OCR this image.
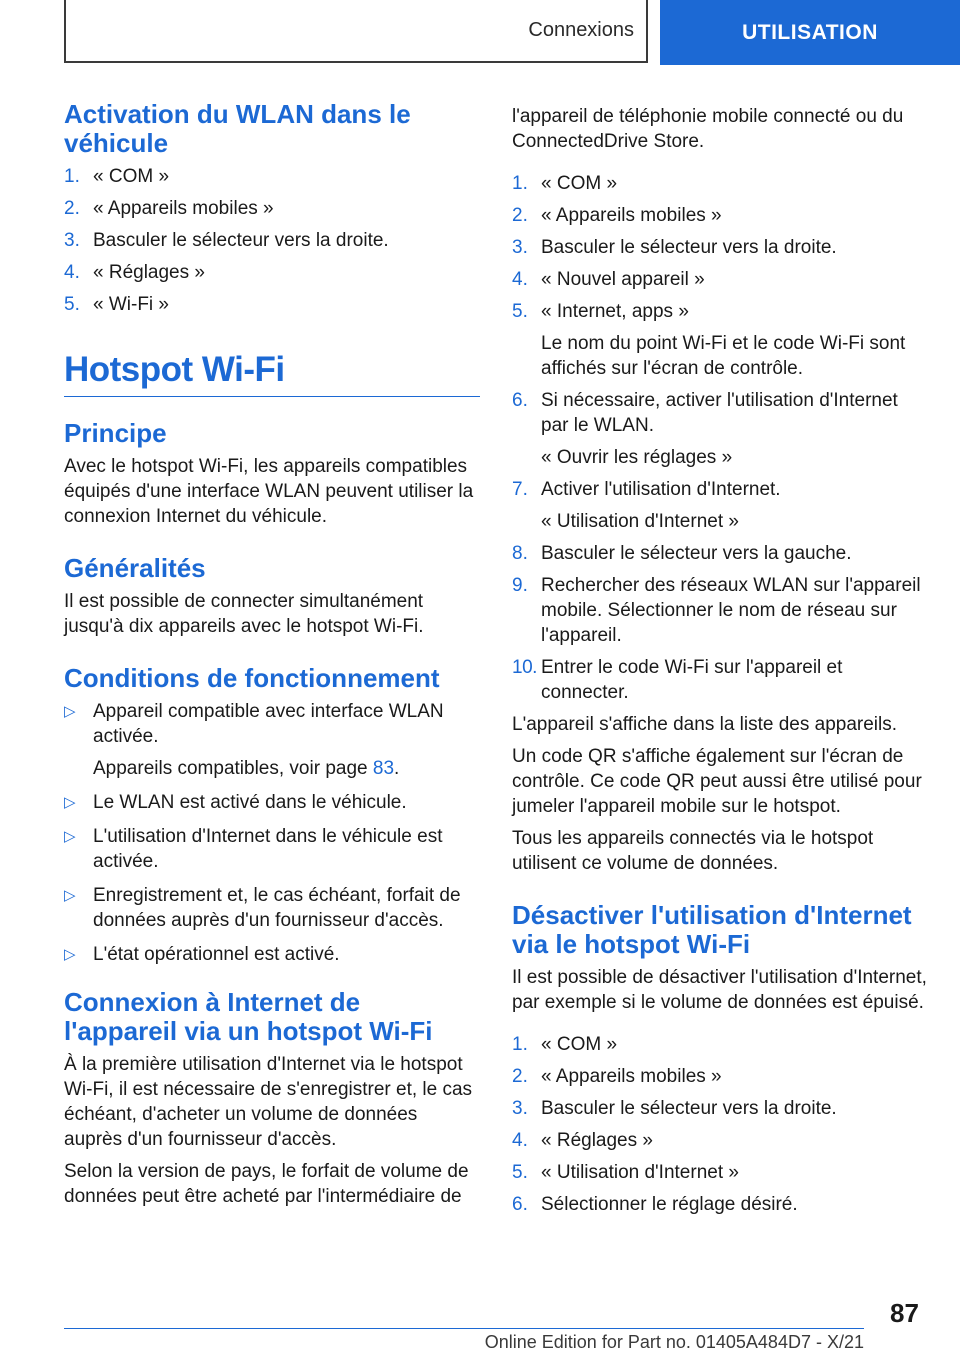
Connexions	UTILISATION
Activation du WLAN dans le véhicule
1. « COM »
2. « Appareils mobiles »
3. Basculer le sélecteur vers la droite.
4. « Réglages »
5. « Wi-Fi »
Hotspot Wi-Fi
Principe

Avec le hotspot Wi-Fi, les appareils compatibles équipés d'une interface WLAN peuvent utiliser la connexion Internet du véhicule.

Généralités

Il est possible de connecter simultanément jusqu'à dix appareils avec le hotspot Wi-Fi.

Conditions de fonctionnement
▷ Appareil compatible avec interface WLAN activée.
Appareils compatibles, voir page 83.
▷ Le WLAN est activé dans le véhicule.
▷ L'utilisation d'Internet dans le véhicule est activée.
▷ Enregistrement et, le cas échéant, forfait de données auprès d'un fournisseur d'accès.
▷ L'état opérationnel est activé.
Connexion à Internet de l'appareil via un hotspot Wi-Fi

À la première utilisation d'Internet via le hotspot Wi-Fi, il est nécessaire de s'enregistrer et, le cas échéant, d'acheter un volume de données auprès d'un fournisseur d'accès.

Selon la version de pays, le forfait de volume de données peut être acheté par l'intermédiaire de

l'appareil de téléphonie mobile connecté ou du ConnectedDrive Store.

1. « COM »
2. « Appareils mobiles »
3. Basculer le sélecteur vers la droite.
4. « Nouvel appareil »
5. « Internet, apps »
Le nom du point Wi-Fi et le code Wi-Fi sont affichés sur l'écran de contrôle.
6. Si nécessaire, activer l'utilisation d'Internet par le WLAN.
« Ouvrir les réglages »
7. Activer l'utilisation d'Internet.
« Utilisation d'Internet »
8. Basculer le sélecteur vers la gauche.
9. Rechercher des réseaux WLAN sur l'appareil mobile. Sélectionner le nom de réseau sur l'appareil.
10. Entrer le code Wi-Fi sur l'appareil et connecter.

L'appareil s'affiche dans la liste des appareils.

Un code QR s'affiche également sur l'écran de contrôle. Ce code QR peut aussi être utilisé pour jumeler l'appareil mobile sur le hotspot.

Tous les appareils connectés via le hotspot utilisent ce volume de données.

Désactiver l'utilisation d'Internet via le hotspot Wi-Fi

Il est possible de désactiver l'utilisation d'Internet, par exemple si le volume de données est épuisé.

1. « COM »
2. « Appareils mobiles »
3. Basculer le sélecteur vers la droite.
4. « Réglages »
5. « Utilisation d'Internet »
6. Sélectionner le réglage désiré.
87
Online Edition for Part no. 01405A484D7 - X/21
